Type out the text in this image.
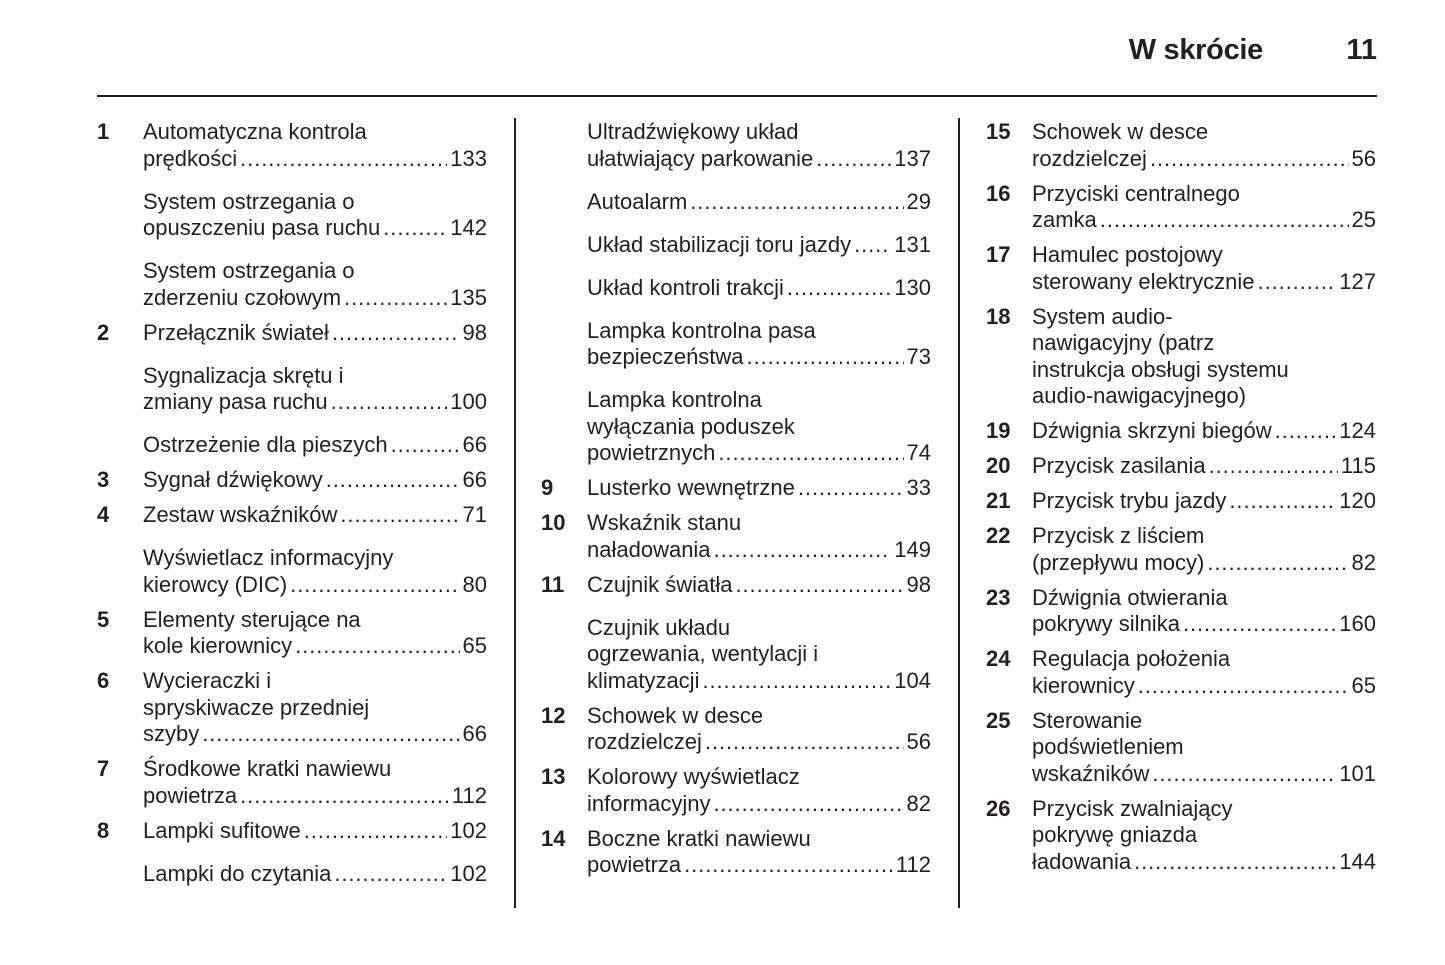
W skrócie	11
1 Automatyczna kontrola
prędkości . . .	133
System ostrzegania o
opuszczeniu pasa ruchu . . .	142
System ostrzegania o
zderzeniu czołowym . . .	135
2 Przełącznik świateł . . .	98
Sygnalizacja skrętu i
zmiany pasa ruchu . . .	100
Ostrzeżenie dla pieszych . . .	66
3 Sygnał dźwiękowy . . .	66
4 Zestaw wskaźników . . .	71
Wyświetlacz informacyjny
kierowcy (DIC) . . .	80
5 Elementy sterujące na
kole kierownicy . . .	65
6 Wycieraczki i
spryskiwacze przedniej
szyby . . .	66
7 Środkowe kratki nawiewu
powietrza . . .	112
8 Lampki sufitowe . . .	102
Lampki do czytania . . .	102
Ultradźwiękowy układ
ułatwiający parkowanie . . .	137
Autoalarm . . .	29
Układ stabilizacji toru jazdy . . . 131
Układ kontroli trakcji . . .	130
Lampka kontrolna pasa
bezpieczeństwa . . .	73
Lampka kontrolna
wyłączania poduszek
powietrznych . . .	74
9 Lusterko wewnętrzne . . .	33
10 Wskaźnik stanu
naładowania . . .	149
11 Czujnik światła . . .	98
Czujnik układu
ogrzewania, wentylacji i
klimatyzacji . . .	104
12 Schowek w desce
rozdzielczej . . .	56
13 Kolorowy wyświetlacz
informacyjny . . .	82
14 Boczne kratki nawiewu
powietrza . . .	112
15 Schowek w desce
rozdzielczej . . .	56
16 Przyciski centralnego
zamka . . .	25
17 Hamulec postojowy
sterowany elektrycznie . . .	127
18 System audio-
nawigacyjny (patrz
instrukcja obsługi systemu
audio-nawigacyjnego)
19 Dźwignia skrzyni biegów . . .	124
20 Przycisk zasilania . . .	115
21 Przycisk trybu jazdy . . .	120
22 Przycisk z liściem
(przepływu mocy) . . .	82
23 Dźwignia otwierania
pokrywy silnika . . .	160
24 Regulacja położenia
kierownicy . . .	65
25 Sterowanie
podświetleniem
wskaźników . . .	101
26 Przycisk zwalniający
pokrywę gniazda
ładowania . . .	144
